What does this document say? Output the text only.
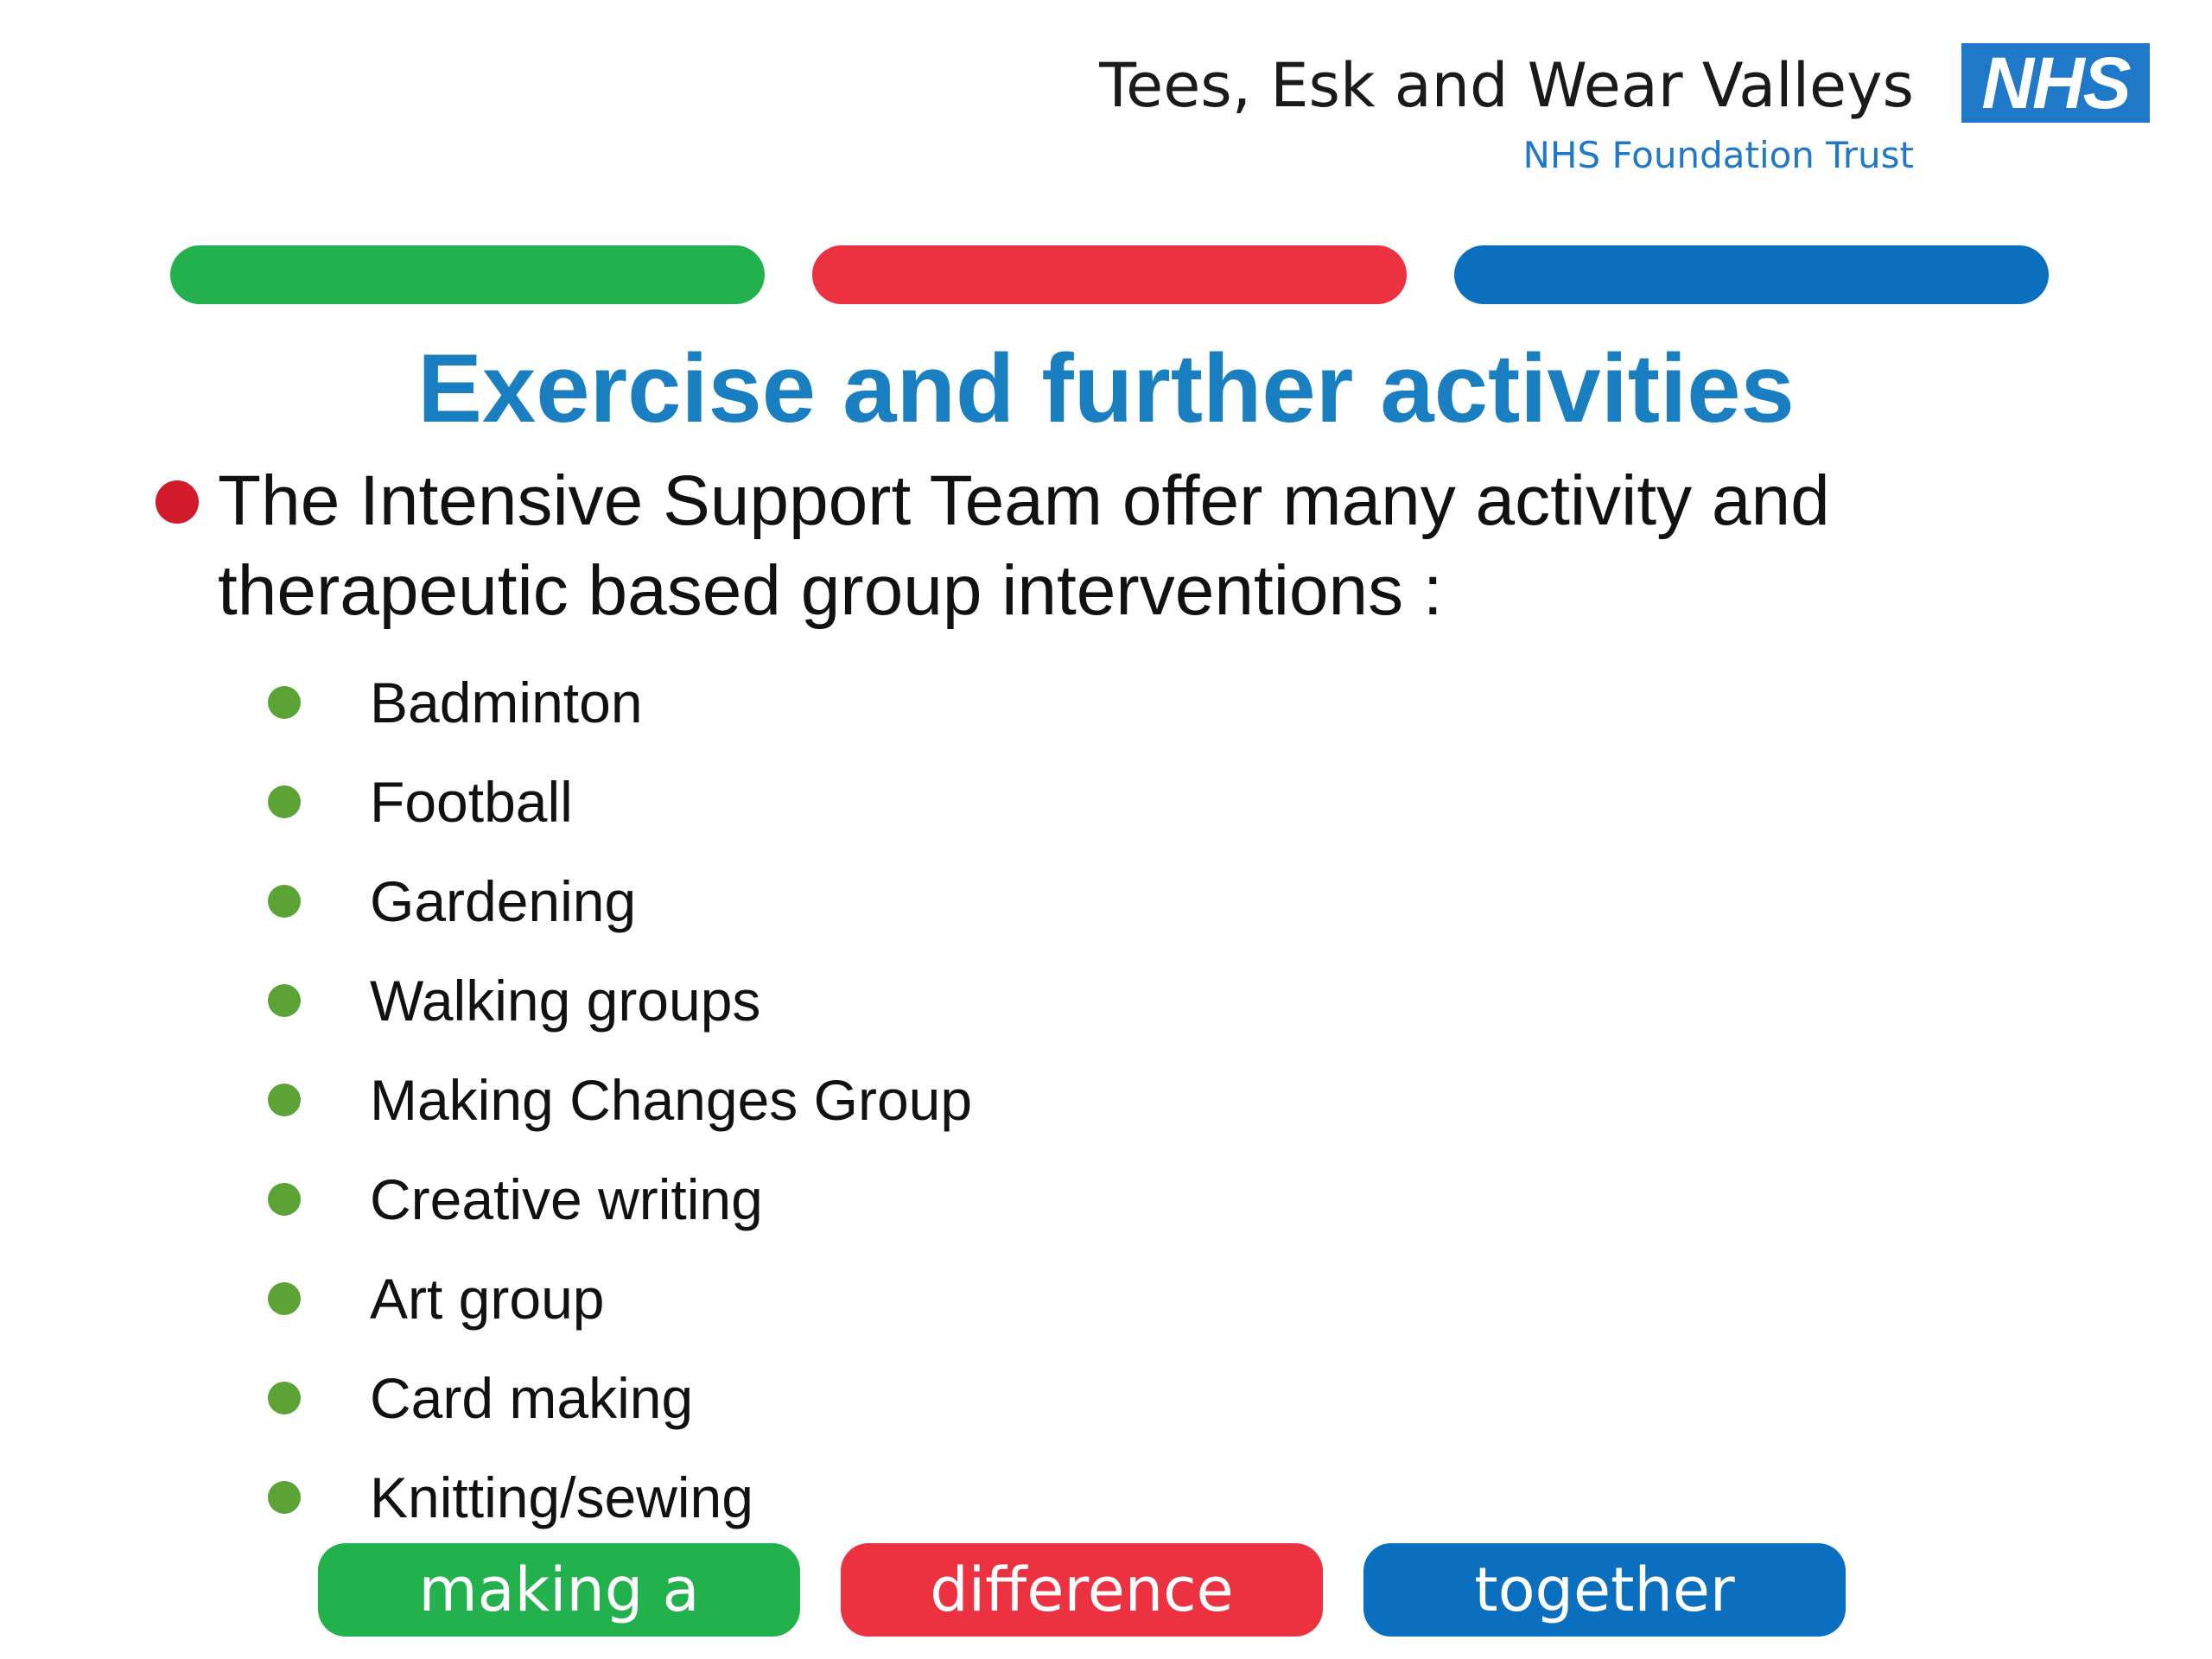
Tees, Esk and Wear Valleys
NHS Foundation Trust
NHS
Exercise and further activities
The Intensive Support Team offer many activity and therapeutic based group interventions :
Badminton
Football
Gardening
Walking groups
Making Changes Group
Creative writing
Art group
Card making
Knitting/sewing
making a	difference	together
